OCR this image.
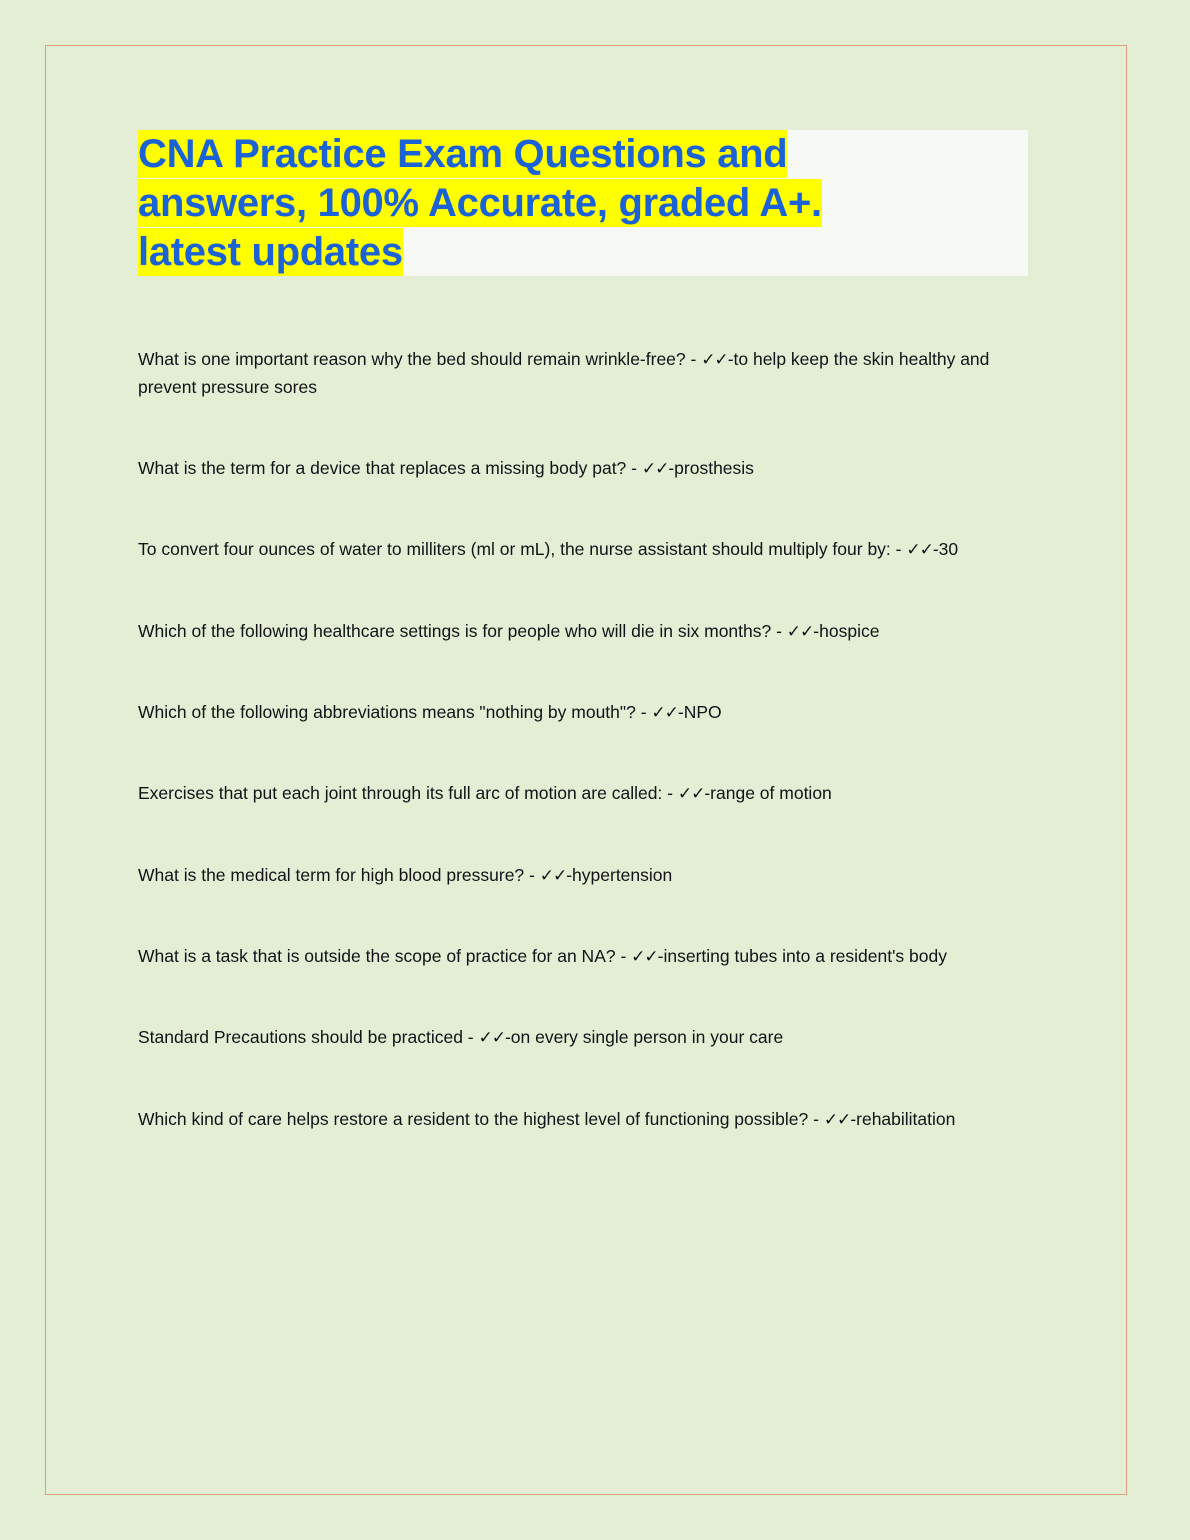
CNA Practice Exam Questions and
answers, 100% Accurate, graded A+.
latest updates
What is one important reason why the bed should remain wrinkle-free? - ✓✓-to help keep the skin healthy and prevent pressure sores
What is the term for a device that replaces a missing body pat? - ✓✓-prosthesis
To convert four ounces of water to milliters (ml or mL), the nurse assistant should multiply four by: - ✓✓-30
Which of the following healthcare settings is for people who will die in six months? - ✓✓-hospice
Which of the following abbreviations means "nothing by mouth"? - ✓✓-NPO
Exercises that put each joint through its full arc of motion are called: - ✓✓-range of motion
What is the medical term for high blood pressure? - ✓✓-hypertension
What is a task that is outside the scope of practice for an NA? - ✓✓-inserting tubes into a resident's body
Standard Precautions should be practiced - ✓✓-on every single person in your care
Which kind of care helps restore a resident to the highest level of functioning possible? - ✓✓-rehabilitation
